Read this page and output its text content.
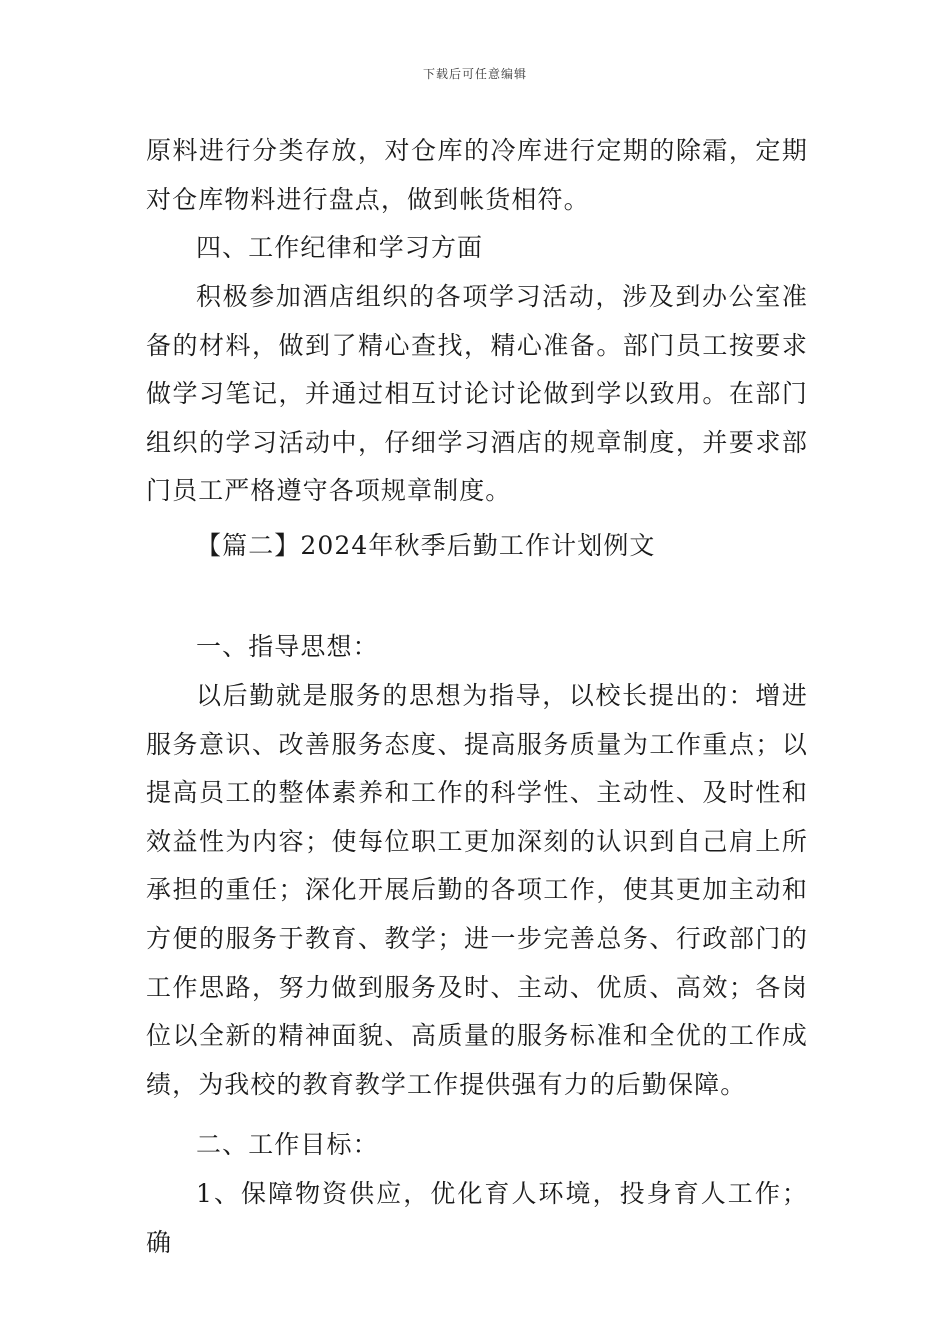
下载后可任意编辑

原料进行分类存放，对仓库的冷库进行定期的除霜，定期对仓库物料进行盘点，做到帐货相符。

四、工作纪律和学习方面

积极参加酒店组织的各项学习活动，涉及到办公室准备的材料，做到了精心查找，精心准备。部门员工按要求做学习笔记，并通过相互讨论讨论做到学以致用。在部门组织的学习活动中，仔细学习酒店的规章制度，并要求部门员工严格遵守各项规章制度。

【篇二】2024年秋季后勤工作计划例文

一、指导思想：

以后勤就是服务的思想为指导，以校长提出的：增进服务意识、改善服务态度、提高服务质量为工作重点；以提高员工的整体素养和工作的科学性、主动性、及时性和效益性为内容；使每位职工更加深刻的认识到自己肩上所承担的重任；深化开展后勤的各项工作，使其更加主动和方便的服务于教育、教学；进一步完善总务、行政部门的工作思路，努力做到服务及时、主动、优质、高效；各岗位以全新的精神面貌、高质量的服务标准和全优的工作成绩，为我校的教育教学工作提供强有力的后勤保障。

二、工作目标：

1、保障物资供应，优化育人环境，投身育人工作；确
